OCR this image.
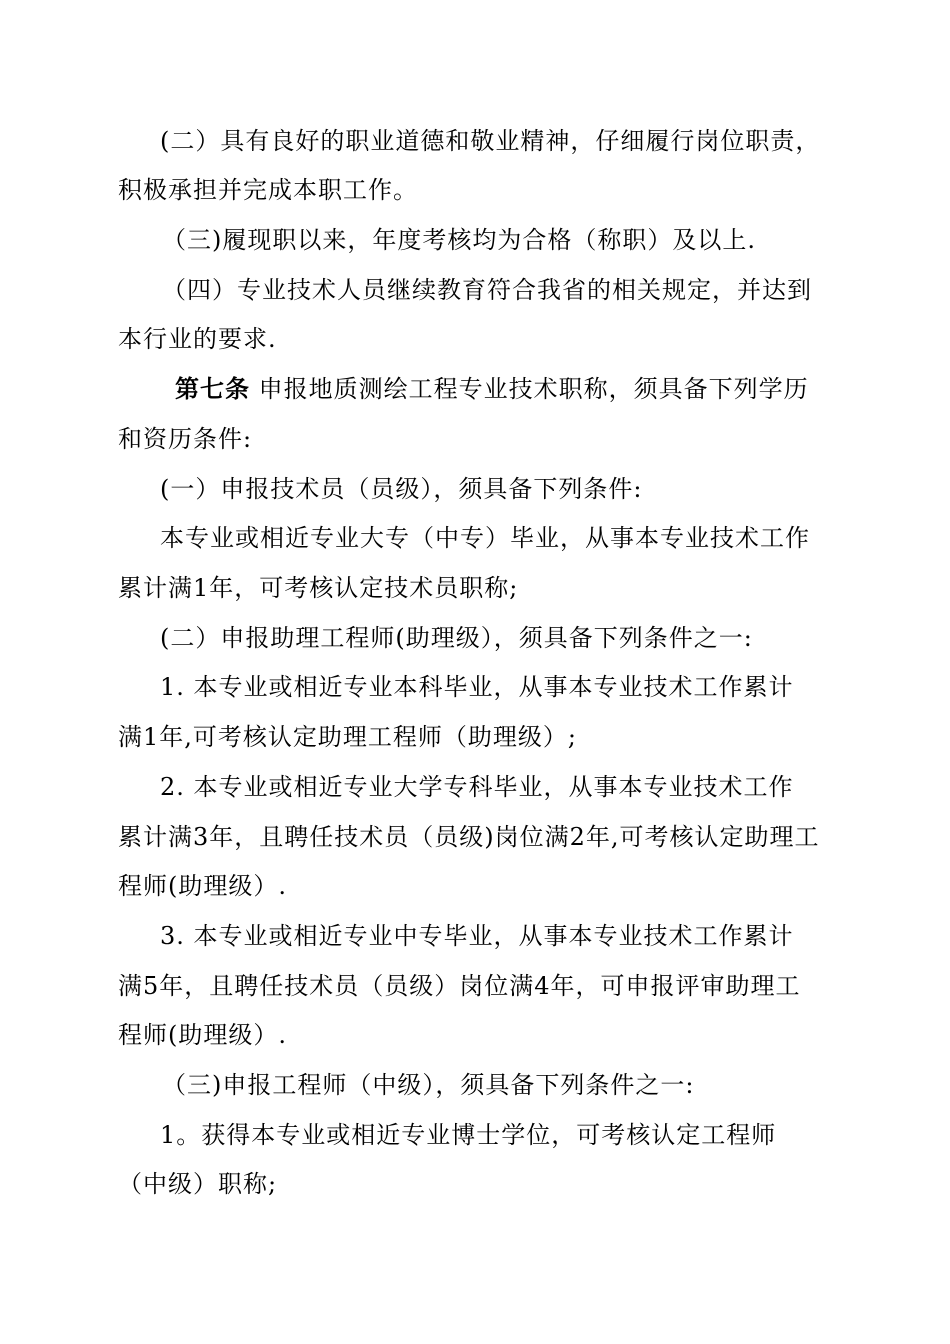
(二）具有良好的职业道德和敬业精神，仔细履行岗位职责，
积极承担并完成本职工作。
（三)履现职以来，年度考核均为合格（称职）及以上.
（四）专业技术人员继续教育符合我省的相关规定，并达到
本行业的要求.
第七条 申报地质测绘工程专业技术职称，须具备下列学历
和资历条件:
(一）申报技术员（员级），须具备下列条件:
本专业或相近专业大专（中专）毕业，从事本专业技术工作
累计满1年，可考核认定技术员职称;
(二）申报助理工程师(助理级），须具备下列条件之一:
1. 本专业或相近专业本科毕业，从事本专业技术工作累计
满1年,可考核认定助理工程师（助理级）;
2. 本专业或相近专业大学专科毕业，从事本专业技术工作
累计满3年，且聘任技术员（员级)岗位满2年,可考核认定助理工
程师(助理级）.
3. 本专业或相近专业中专毕业，从事本专业技术工作累计
满5年，且聘任技术员（员级）岗位满4年，可申报评审助理工
程师(助理级）.
（三)申报工程师（中级），须具备下列条件之一:
1。获得本专业或相近专业博士学位，可考核认定工程师
（中级）职称;
